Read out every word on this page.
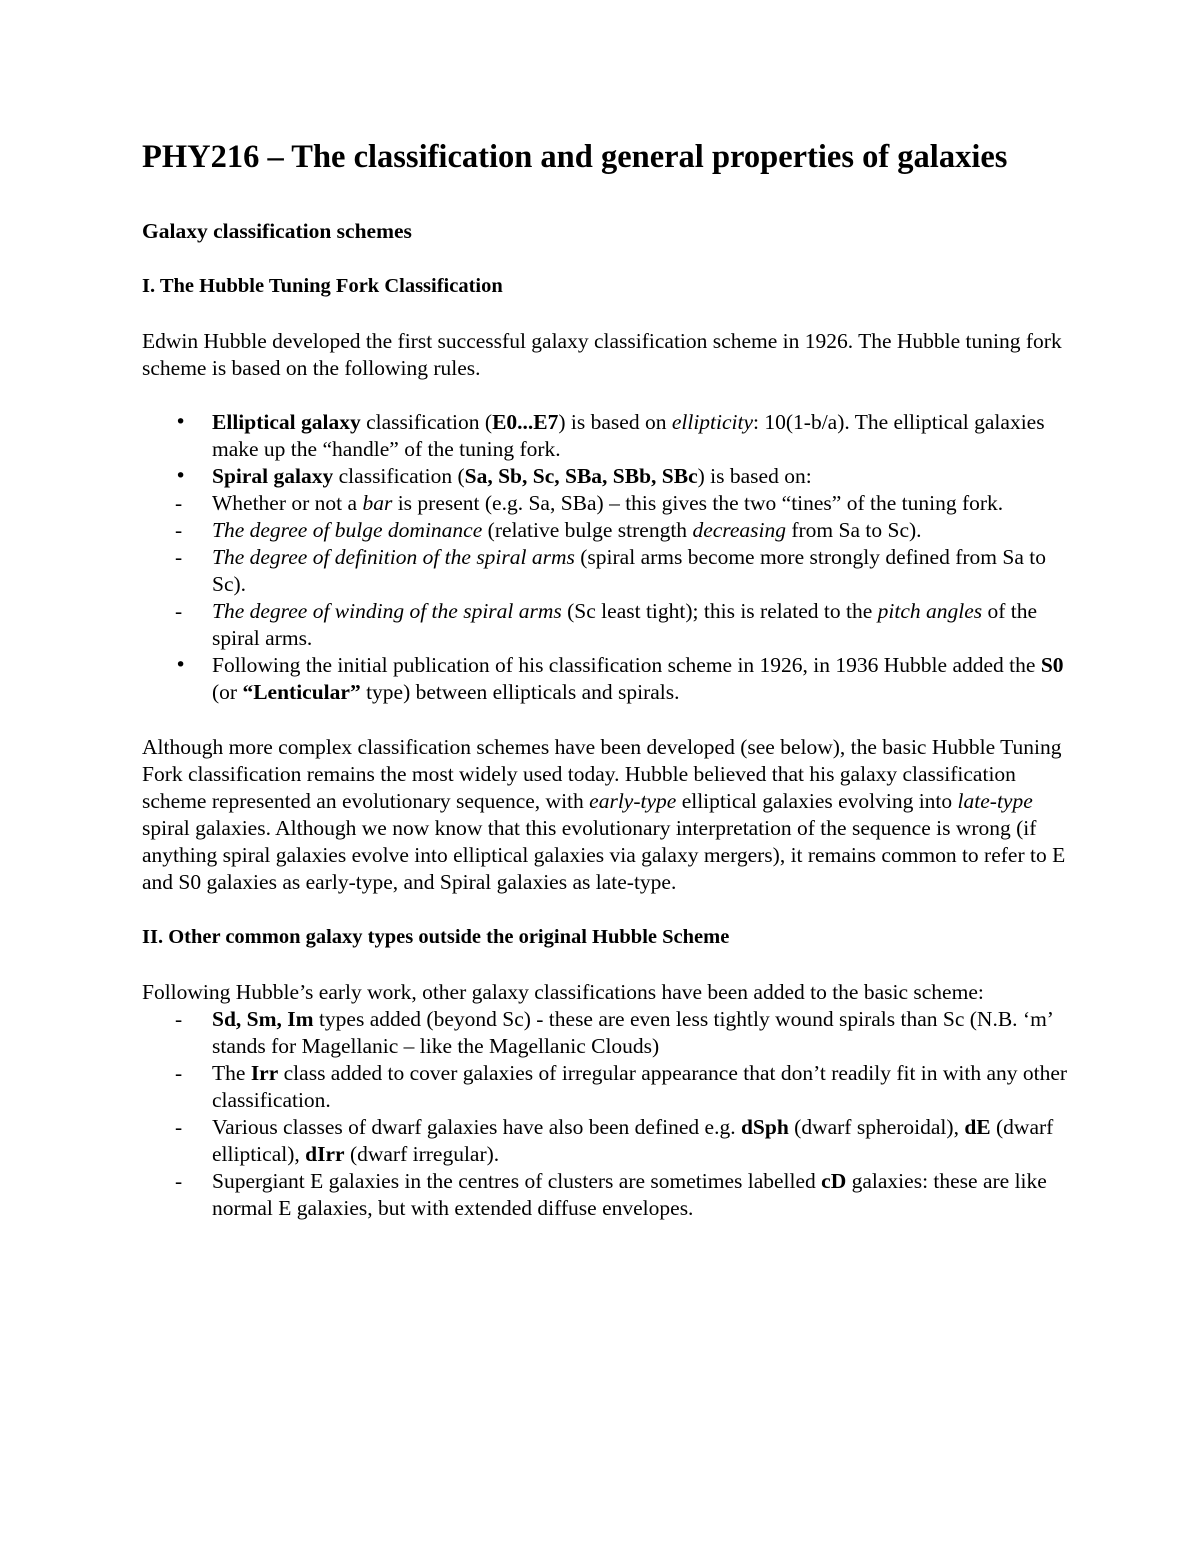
PHY216 – The classification and general properties of galaxies
Galaxy classification schemes
I. The Hubble Tuning Fork Classification

Edwin Hubble developed the first successful galaxy classification scheme in 1926. The Hubble tuning fork scheme is based on the following rules.

•	Elliptical galaxy classification (E0...E7) is based on ellipticity: 10(1-b/a). The elliptical galaxies make up the “handle” of the tuning fork.
•	Spiral galaxy classification (Sa, Sb, Sc, SBa, SBb, SBc) is based on:
-	Whether or not a bar is present (e.g. Sa, SBa) – this gives the two “tines” of the tuning fork.
-	The degree of bulge dominance (relative bulge strength decreasing from Sa to Sc).
-	The degree of definition of the spiral arms (spiral arms become more strongly defined from Sa to Sc).
-	The degree of winding of the spiral arms (Sc least tight); this is related to the pitch angles of the spiral arms.
•	Following the initial publication of his classification scheme in 1926, in 1936 Hubble added the S0 (or “Lenticular” type) between ellipticals and spirals.

Although more complex classification schemes have been developed (see below), the basic Hubble Tuning Fork classification remains the most widely used today. Hubble believed that his galaxy classification scheme represented an evolutionary sequence, with early-type elliptical galaxies evolving into late-type spiral galaxies. Although we now know that this evolutionary interpretation of the sequence is wrong (if anything spiral galaxies evolve into elliptical galaxies via galaxy mergers), it remains common to refer to E and S0 galaxies as early-type, and Spiral galaxies as late-type.

II. Other common galaxy types outside the original Hubble Scheme

Following Hubble’s early work, other galaxy classifications have been added to the basic scheme:

-	Sd, Sm, Im types added (beyond Sc) - these are even less tightly wound spirals than Sc (N.B. ‘m’ stands for Magellanic – like the Magellanic Clouds)
-	The Irr class added to cover galaxies of irregular appearance that don’t readily fit in with any other classification.
-	Various classes of dwarf galaxies have also been defined e.g. dSph (dwarf spheroidal), dE (dwarf elliptical), dIrr (dwarf irregular).
-	Supergiant E galaxies in the centres of clusters are sometimes labelled cD galaxies: these are like normal E galaxies, but with extended diffuse envelopes.
